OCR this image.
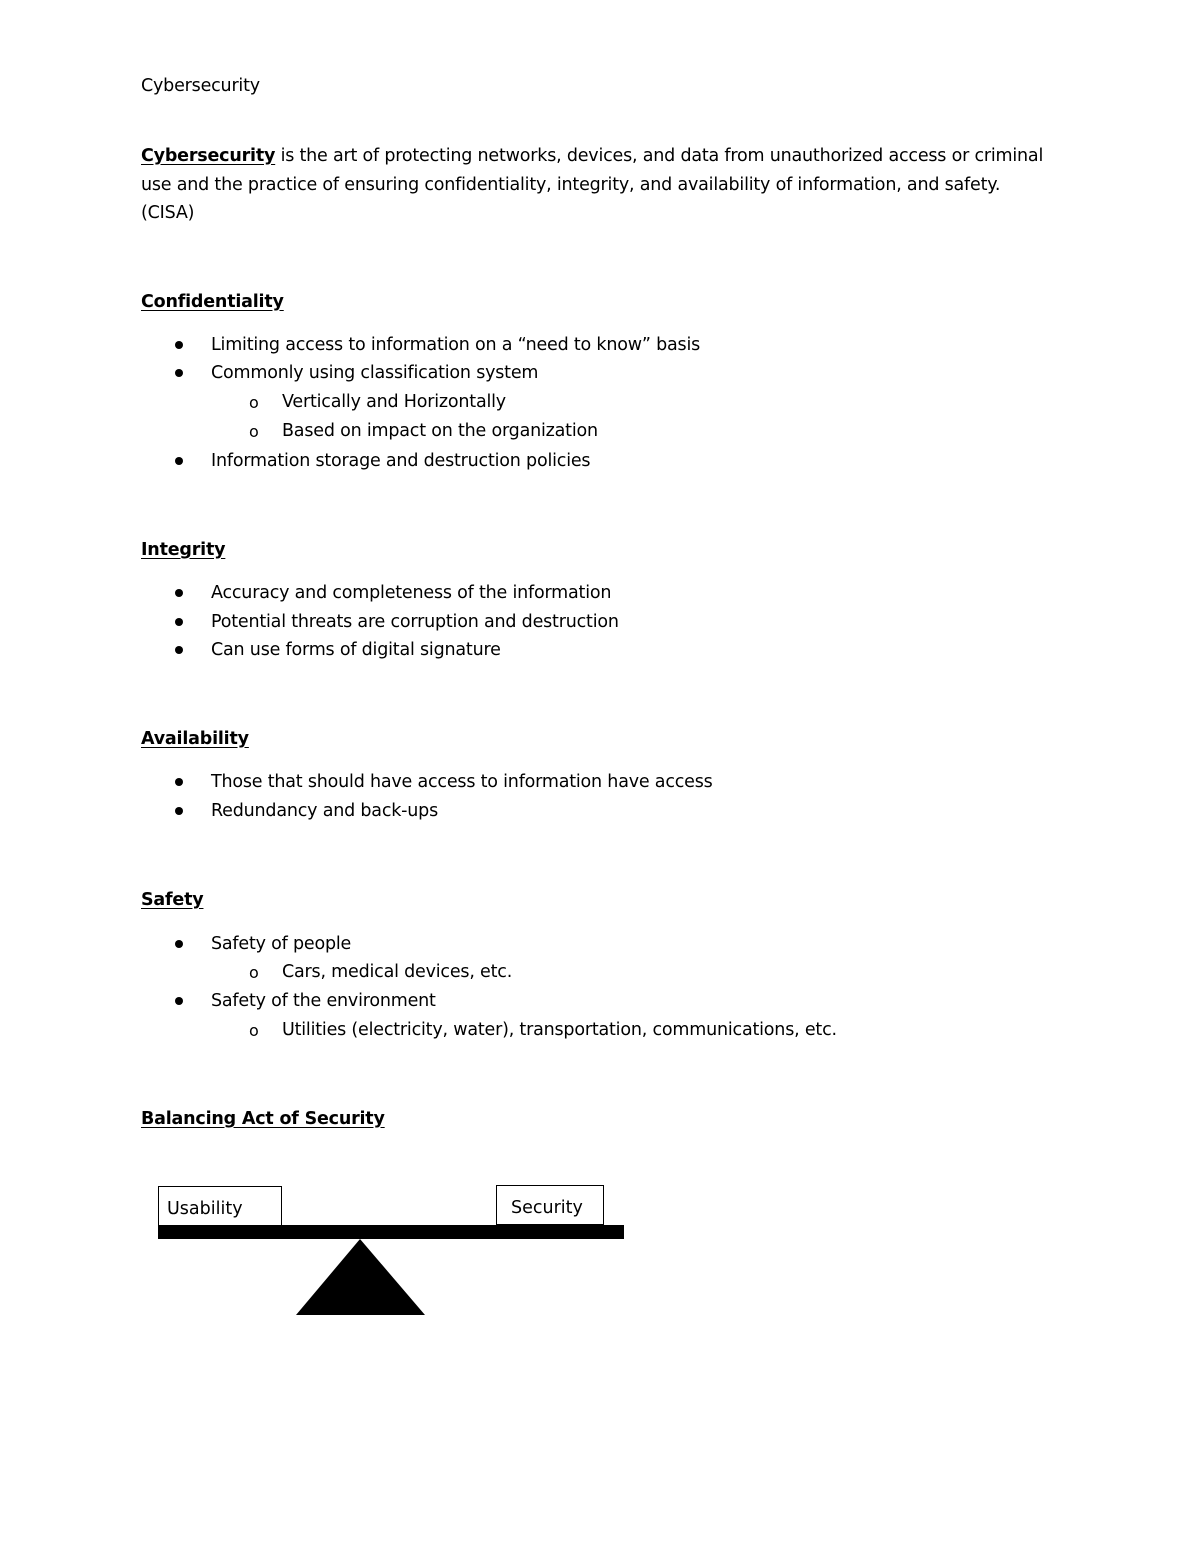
Cybersecurity
Cybersecurity is the art of protecting networks, devices, and data from unauthorized access or criminal
use and the practice of ensuring confidentiality, integrity, and availability of information, and safety.
(CISA)
Confidentiality
Limiting access to information on a “need to know” basis
Commonly using classification system
o Vertically and Horizontally
o Based on impact on the organization
Information storage and destruction policies
Integrity
Accuracy and completeness of the information
Potential threats are corruption and destruction
Can use forms of digital signature
Availability
Those that should have access to information have access
Redundancy and back-ups
Safety
Safety of people
o Cars, medical devices, etc.
Safety of the environment
o Utilities (electricity, water), transportation, communications, etc.
Balancing Act of Security
Usability	Security
